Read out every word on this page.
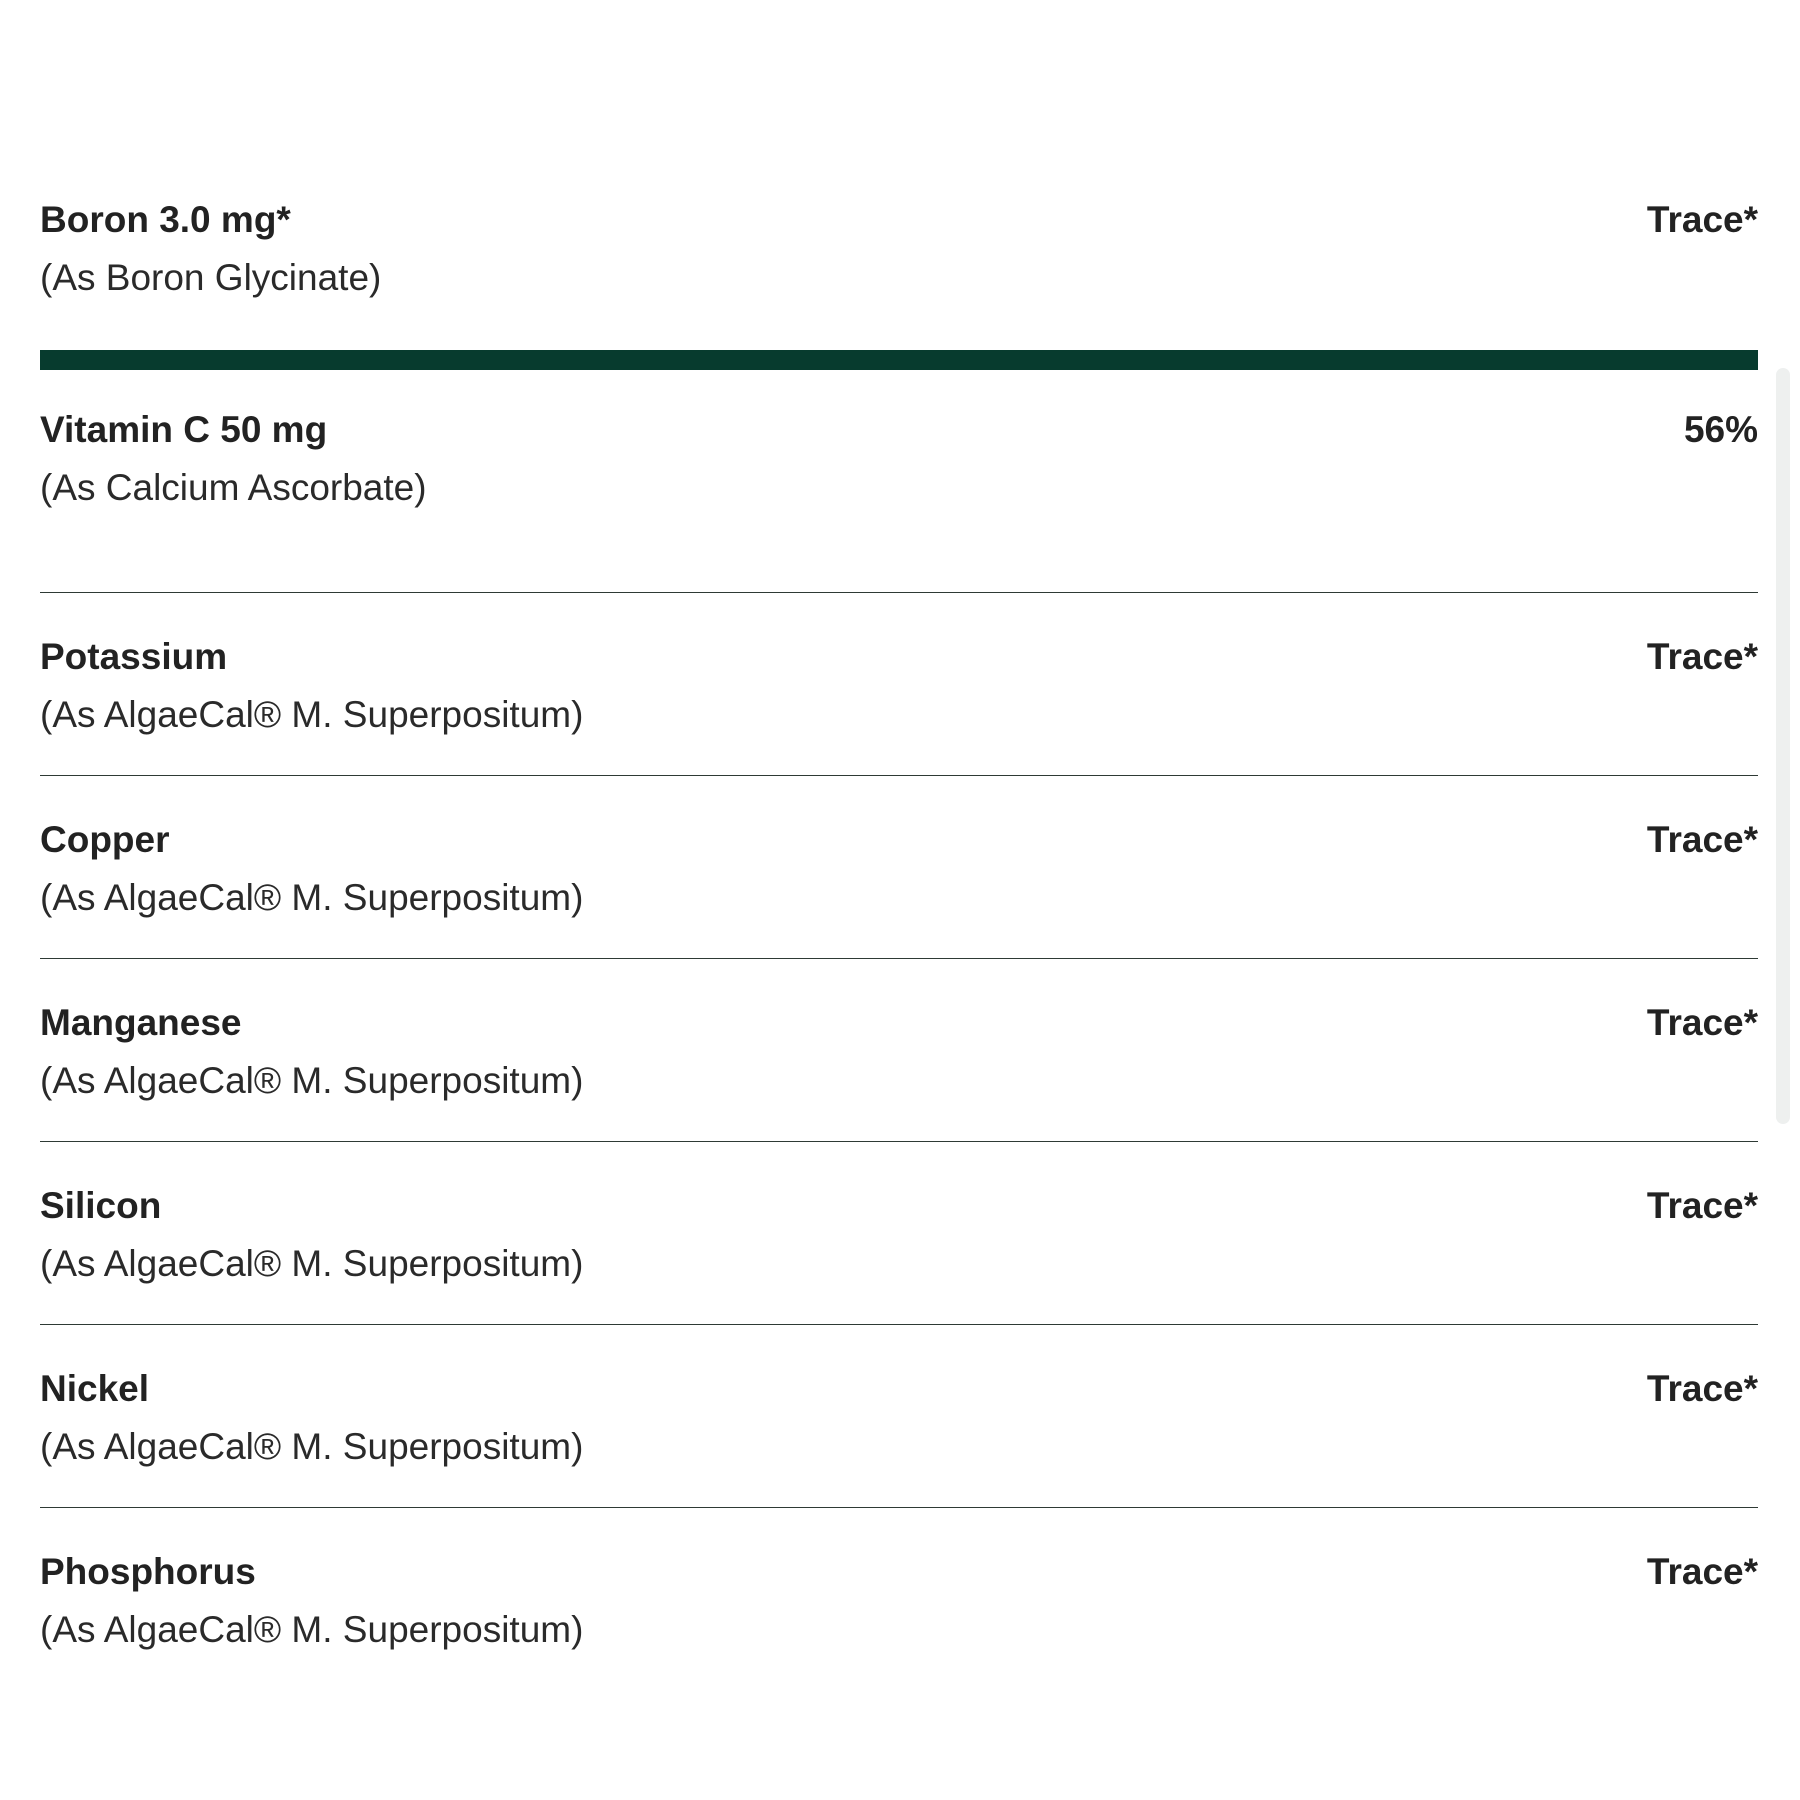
Boron 3.0 mg*
(As Boron Glycinate)
Trace*
Vitamin C 50 mg
(As Calcium Ascorbate)
56%
Potassium
(As AlgaeCal® M. Superpositum)
Trace*
Copper
(As AlgaeCal® M. Superpositum)
Trace*
Manganese
(As AlgaeCal® M. Superpositum)
Trace*
Silicon
(As AlgaeCal® M. Superpositum)
Trace*
Nickel
(As AlgaeCal® M. Superpositum)
Trace*
Phosphorus
(As AlgaeCal® M. Superpositum)
Trace*
